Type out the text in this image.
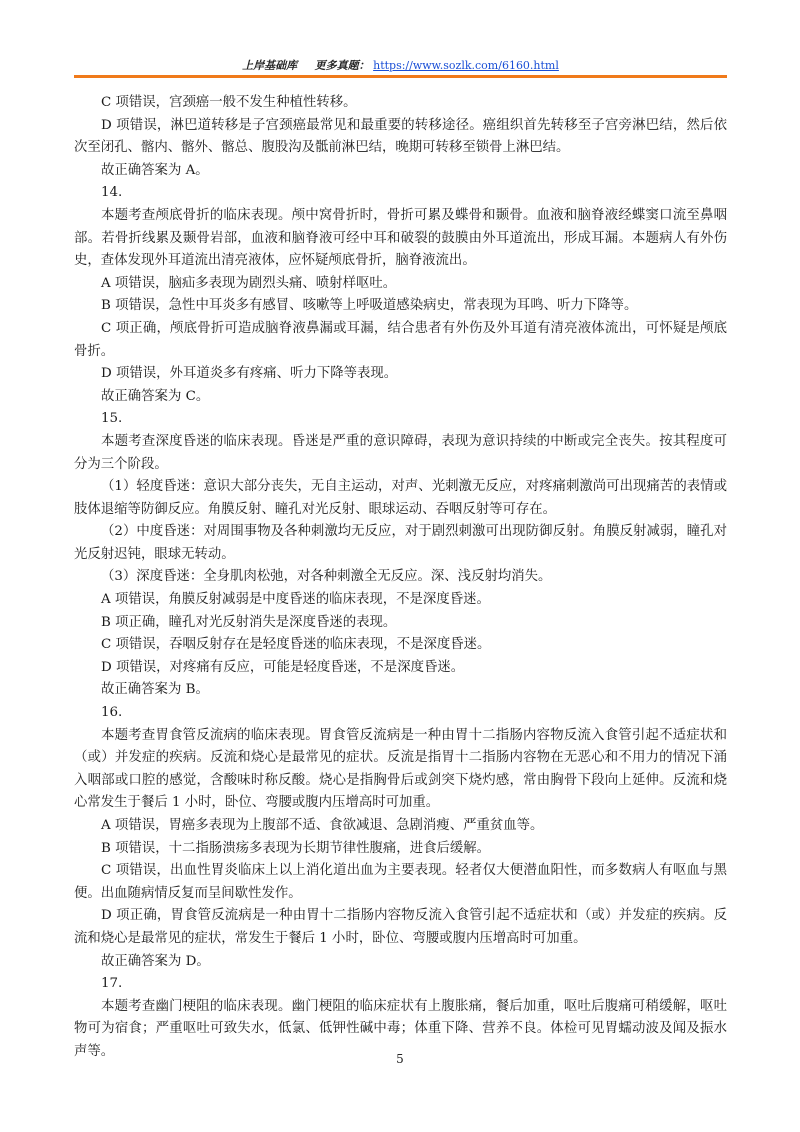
上岸基础库 更多真题： https://www.sozlk.com/6160.html

C 项错误，宫颈癌一般不发生种植性转移。

D 项错误，淋巴道转移是子宫颈癌最常见和最重要的转移途径。癌组织首先转移至子宫旁淋巴结，然后依次至闭孔、髂内、髂外、髂总、腹股沟及骶前淋巴结，晚期可转移至锁骨上淋巴结。

故正确答案为 A。

14.

本题考查颅底骨折的临床表现。颅中窝骨折时，骨折可累及蝶骨和颞骨。血液和脑脊液经蝶窦口流至鼻咽部。若骨折线累及颞骨岩部，血液和脑脊液可经中耳和破裂的鼓膜由外耳道流出，形成耳漏。本题病人有外伤史，查体发现外耳道流出清亮液体，应怀疑颅底骨折，脑脊液流出。

A 项错误，脑疝多表现为剧烈头痛、喷射样呕吐。

B 项错误，急性中耳炎多有感冒、咳嗽等上呼吸道感染病史，常表现为耳鸣、听力下降等。

C 项正确，颅底骨折可造成脑脊液鼻漏或耳漏，结合患者有外伤及外耳道有清亮液体流出，可怀疑是颅底骨折。

D 项错误，外耳道炎多有疼痛、听力下降等表现。

故正确答案为 C。

15.

本题考查深度昏迷的临床表现。昏迷是严重的意识障碍，表现为意识持续的中断或完全丧失。按其程度可分为三个阶段。

（1）轻度昏迷：意识大部分丧失，无自主运动，对声、光刺激无反应，对疼痛刺激尚可出现痛苦的表情或肢体退缩等防御反应。角膜反射、瞳孔对光反射、眼球运动、吞咽反射等可存在。

（2）中度昏迷：对周围事物及各种刺激均无反应，对于剧烈刺激可出现防御反射。角膜反射减弱，瞳孔对光反射迟钝，眼球无转动。

（3）深度昏迷：全身肌肉松弛，对各种刺激全无反应。深、浅反射均消失。

A 项错误，角膜反射减弱是中度昏迷的临床表现，不是深度昏迷。

B 项正确，瞳孔对光反射消失是深度昏迷的表现。

C 项错误，吞咽反射存在是轻度昏迷的临床表现，不是深度昏迷。

D 项错误，对疼痛有反应，可能是轻度昏迷，不是深度昏迷。

故正确答案为 B。

16.

本题考查胃食管反流病的临床表现。胃食管反流病是一种由胃十二指肠内容物反流入食管引起不适症状和（或）并发症的疾病。反流和烧心是最常见的症状。反流是指胃十二指肠内容物在无恶心和不用力的情况下涌入咽部或口腔的感觉，含酸味时称反酸。烧心是指胸骨后或剑突下烧灼感，常由胸骨下段向上延伸。反流和烧心常发生于餐后 1 小时，卧位、弯腰或腹内压增高时可加重。

A 项错误，胃癌多表现为上腹部不适、食欲减退、急剧消瘦、严重贫血等。

B 项错误，十二指肠溃疡多表现为长期节律性腹痛，进食后缓解。

C 项错误，出血性胃炎临床上以上消化道出血为主要表现。轻者仅大便潜血阳性，而多数病人有呕血与黑便。出血随病情反复而呈间歇性发作。

D 项正确，胃食管反流病是一种由胃十二指肠内容物反流入食管引起不适症状和（或）并发症的疾病。反流和烧心是最常见的症状，常发生于餐后 1 小时，卧位、弯腰或腹内压增高时可加重。

故正确答案为 D。

17.

本题考查幽门梗阻的临床表现。幽门梗阻的临床症状有上腹胀痛，餐后加重，呕吐后腹痛可稍缓解，呕吐物可为宿食；严重呕吐可致失水，低氯、低钾性碱中毒；体重下降、营养不良。体检可见胃蠕动波及闻及振水声等。

5
